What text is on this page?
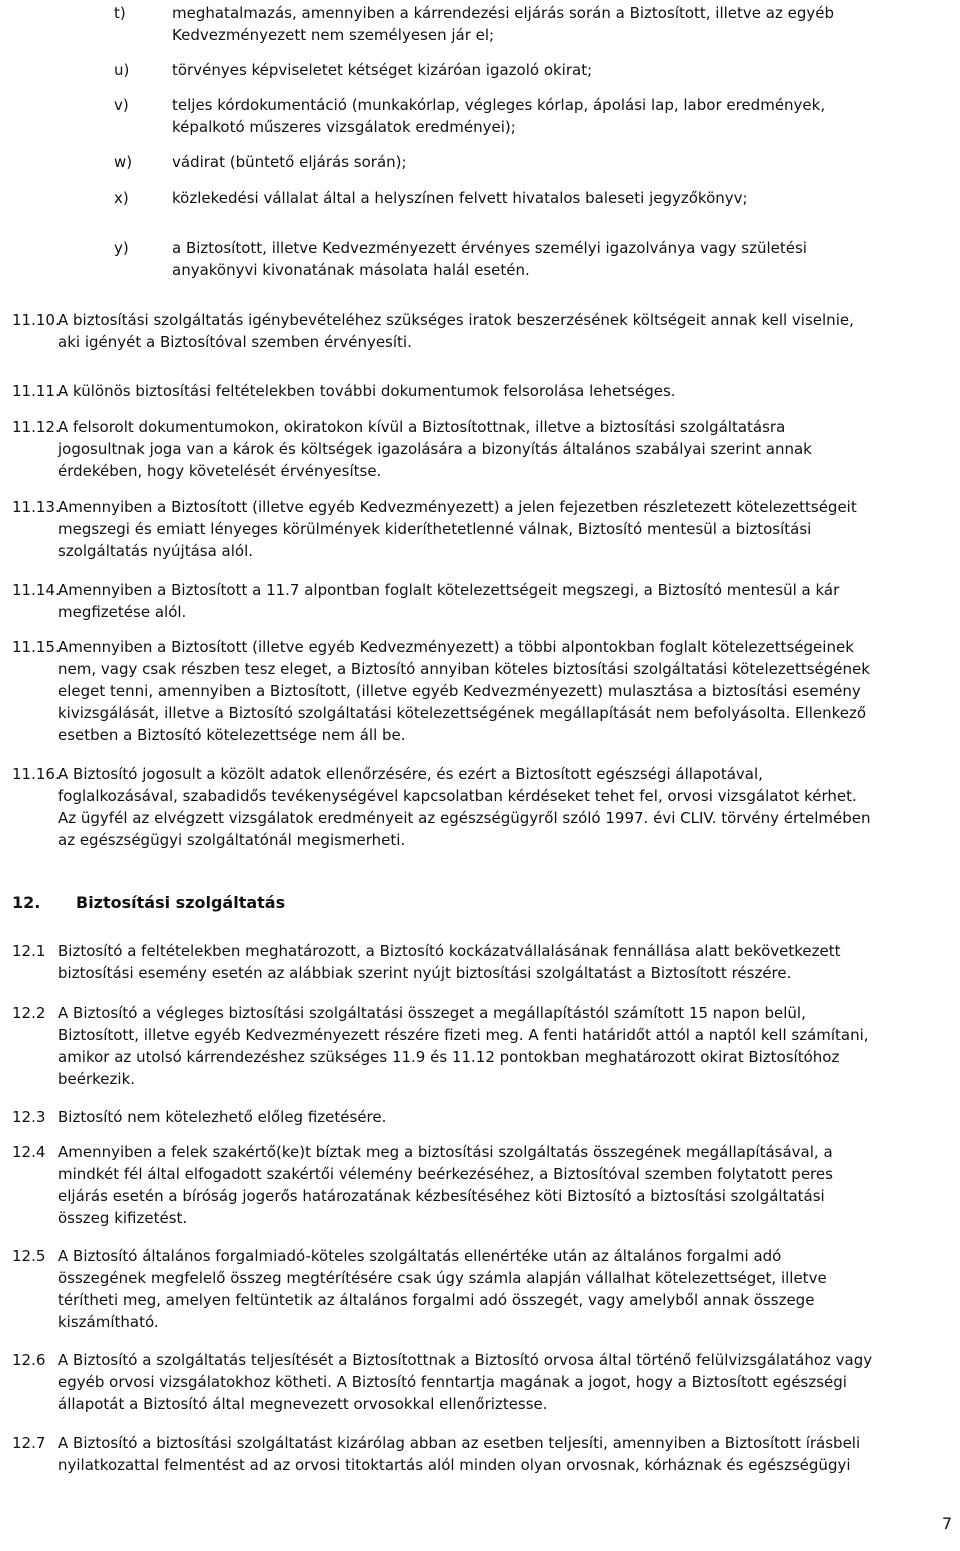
t)	meghatalmazás, amennyiben a kárrendezési eljárás során a Biztosított, illetve az egyéb

Kedvezményezett nem személyesen jár el;

u)	törvényes képviseletet kétséget kizáróan igazoló okirat;

v)	teljes kórdokumentáció (munkakórlap, végleges kórlap, ápolási lap, labor eredmények,

képalkotó műszeres vizsgálatok eredményei);

w)	vádirat (büntető eljárás során);

x)	közlekedési vállalat által a helyszínen felvett hivatalos baleseti jegyzőkönyv;

y)	a Biztosított, illetve Kedvezményezett érvényes személyi igazolványa vagy születési

anyakönyvi kivonatának másolata halál esetén.

11.10.

A biztosítási szolgáltatás igénybevételéhez szükséges iratok beszerzésének költségeit annak kell viselnie,

aki igényét a Biztosítóval szemben érvényesíti.

11.11.

A különös biztosítási feltételekben további dokumentumok felsorolása lehetséges.

11.12.

A felsorolt dokumentumokon, okiratokon kívül a Biztosítottnak, illetve a biztosítási szolgáltatásra

jogosultnak joga van a károk és költségek igazolására a bizonyítás általános szabályai szerint annak

érdekében, hogy követelését érvényesítse.

11.13.

Amennyiben a Biztosított (illetve egyéb Kedvezményezett) a jelen fejezetben részletezett kötelezettségeit

megszegi és emiatt lényeges körülmények kideríthetetlenné válnak, Biztosító mentesül a biztosítási

szolgáltatás nyújtása alól.

11.14.

Amennyiben a Biztosított a 11.7 alpontban foglalt kötelezettségeit megszegi, a Biztosító mentesül a kár

megfizetése alól.

11.15.

Amennyiben a Biztosított (illetve egyéb Kedvezményezett) a többi alpontokban foglalt kötelezettségeinek

nem, vagy csak részben tesz eleget, a Biztosító annyiban köteles biztosítási szolgáltatási kötelezettségének

eleget tenni, amennyiben a Biztosított, (illetve egyéb Kedvezményezett) mulasztása a biztosítási esemény

kivizsgálását, illetve a Biztosító szolgáltatási kötelezettségének megállapítását nem befolyásolta. Ellenkező

esetben a Biztosító kötelezettsége nem áll be.

11.16.

A Biztosító jogosult a közölt adatok ellenőrzésére, és ezért a Biztosított egészségi állapotával,

foglalkozásával, szabadidős tevékenységével kapcsolatban kérdéseket tehet fel, orvosi vizsgálatot kérhet.

Az ügyfél az elvégzett vizsgálatok eredményeit az egészségügyről szóló 1997. évi CLIV. törvény értelmében

az egészségügyi szolgáltatónál megismerheti.

12. Biztosítási szolgáltatás
12.1 Biztosító a feltételekben meghatározott, a Biztosító kockázatvállalásának fennállása alatt bekövetkezett

biztosítási esemény esetén az alábbiak szerint nyújt biztosítási szolgáltatást a Biztosított részére.

12.2 A Biztosító a végleges biztosítási szolgáltatási összeget a megállapítástól számított 15 napon belül,

Biztosított, illetve egyéb Kedvezményezett részére fizeti meg. A fenti határidőt attól a naptól kell számítani,

amikor az utolsó kárrendezéshez szükséges 11.9 és 11.12 pontokban meghatározott okirat Biztosítóhoz

beérkezik.

12.3 Biztosító nem kötelezhető előleg fizetésére.

12.4 Amennyiben a felek szakértő(ke)t bíztak meg a biztosítási szolgáltatás összegének megállapításával, a

mindkét fél által elfogadott szakértői vélemény beérkezéséhez, a Biztosítóval szemben folytatott peres

eljárás esetén a bíróság jogerős határozatának kézbesítéséhez köti Biztosító a biztosítási szolgáltatási

összeg kifizetést.

12.5 A Biztosító általános forgalmiadó-köteles szolgáltatás ellenértéke után az általános forgalmi adó

összegének megfelelő összeg megtérítésére csak úgy számla alapján vállalhat kötelezettséget, illetve

térítheti meg, amelyen feltüntetik az általános forgalmi adó összegét, vagy amelyből annak összege

kiszámítható.

12.6 A Biztosító a szolgáltatás teljesítését a Biztosítottnak a Biztosító orvosa által történő felülvizsgálatához vagy

egyéb orvosi vizsgálatokhoz kötheti. A Biztosító fenntartja magának a jogot, hogy a Biztosított egészségi

állapotát a Biztosító által megnevezett orvosokkal ellenőriztesse.

12.7 A Biztosító a biztosítási szolgáltatást kizárólag abban az esetben teljesíti, amennyiben a Biztosított írásbeli

nyilatkozattal felmentést ad az orvosi titoktartás alól minden olyan orvosnak, kórháznak és egészségügyi

7
